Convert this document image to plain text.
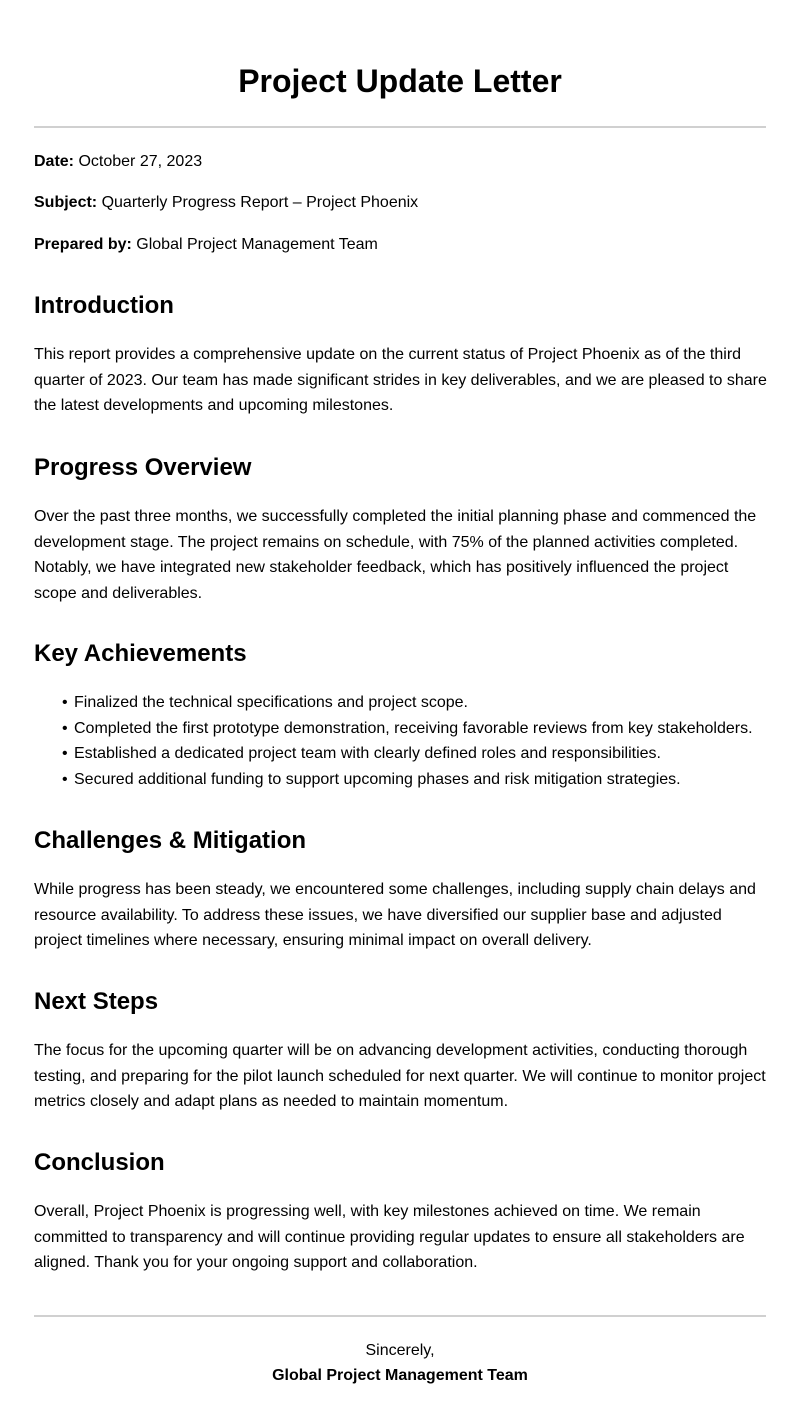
Project Update Letter

Date: October 27, 2023

Subject: Quarterly Progress Report – Project Phoenix

Prepared by: Global Project Management Team

Introduction

This report provides a comprehensive update on the current status of Project Phoenix as of the third quarter of 2023. Our team has made significant strides in key deliverables, and we are pleased to share the latest developments and upcoming milestones.

Progress Overview

Over the past three months, we successfully completed the initial planning phase and commenced the development stage. The project remains on schedule, with 75% of the planned activities completed. Notably, we have integrated new stakeholder feedback, which has positively influenced the project scope and deliverables.

Key Achievements
• Finalized the technical specifications and project scope.
• Completed the first prototype demonstration, receiving favorable reviews from key stakeholders.
• Established a dedicated project team with clearly defined roles and responsibilities.
• Secured additional funding to support upcoming phases and risk mitigation strategies.
Challenges & Mitigation

While progress has been steady, we encountered some challenges, including supply chain delays and resource availability. To address these issues, we have diversified our supplier base and adjusted project timelines where necessary, ensuring minimal impact on overall delivery.

Next Steps

The focus for the upcoming quarter will be on advancing development activities, conducting thorough testing, and preparing for the pilot launch scheduled for next quarter. We will continue to monitor project metrics closely and adapt plans as needed to maintain momentum.

Conclusion

Overall, Project Phoenix is progressing well, with key milestones achieved on time. We remain committed to transparency and will continue providing regular updates to ensure all stakeholders are aligned. Thank you for your ongoing support and collaboration.

Sincerely,

Global Project Management Team
